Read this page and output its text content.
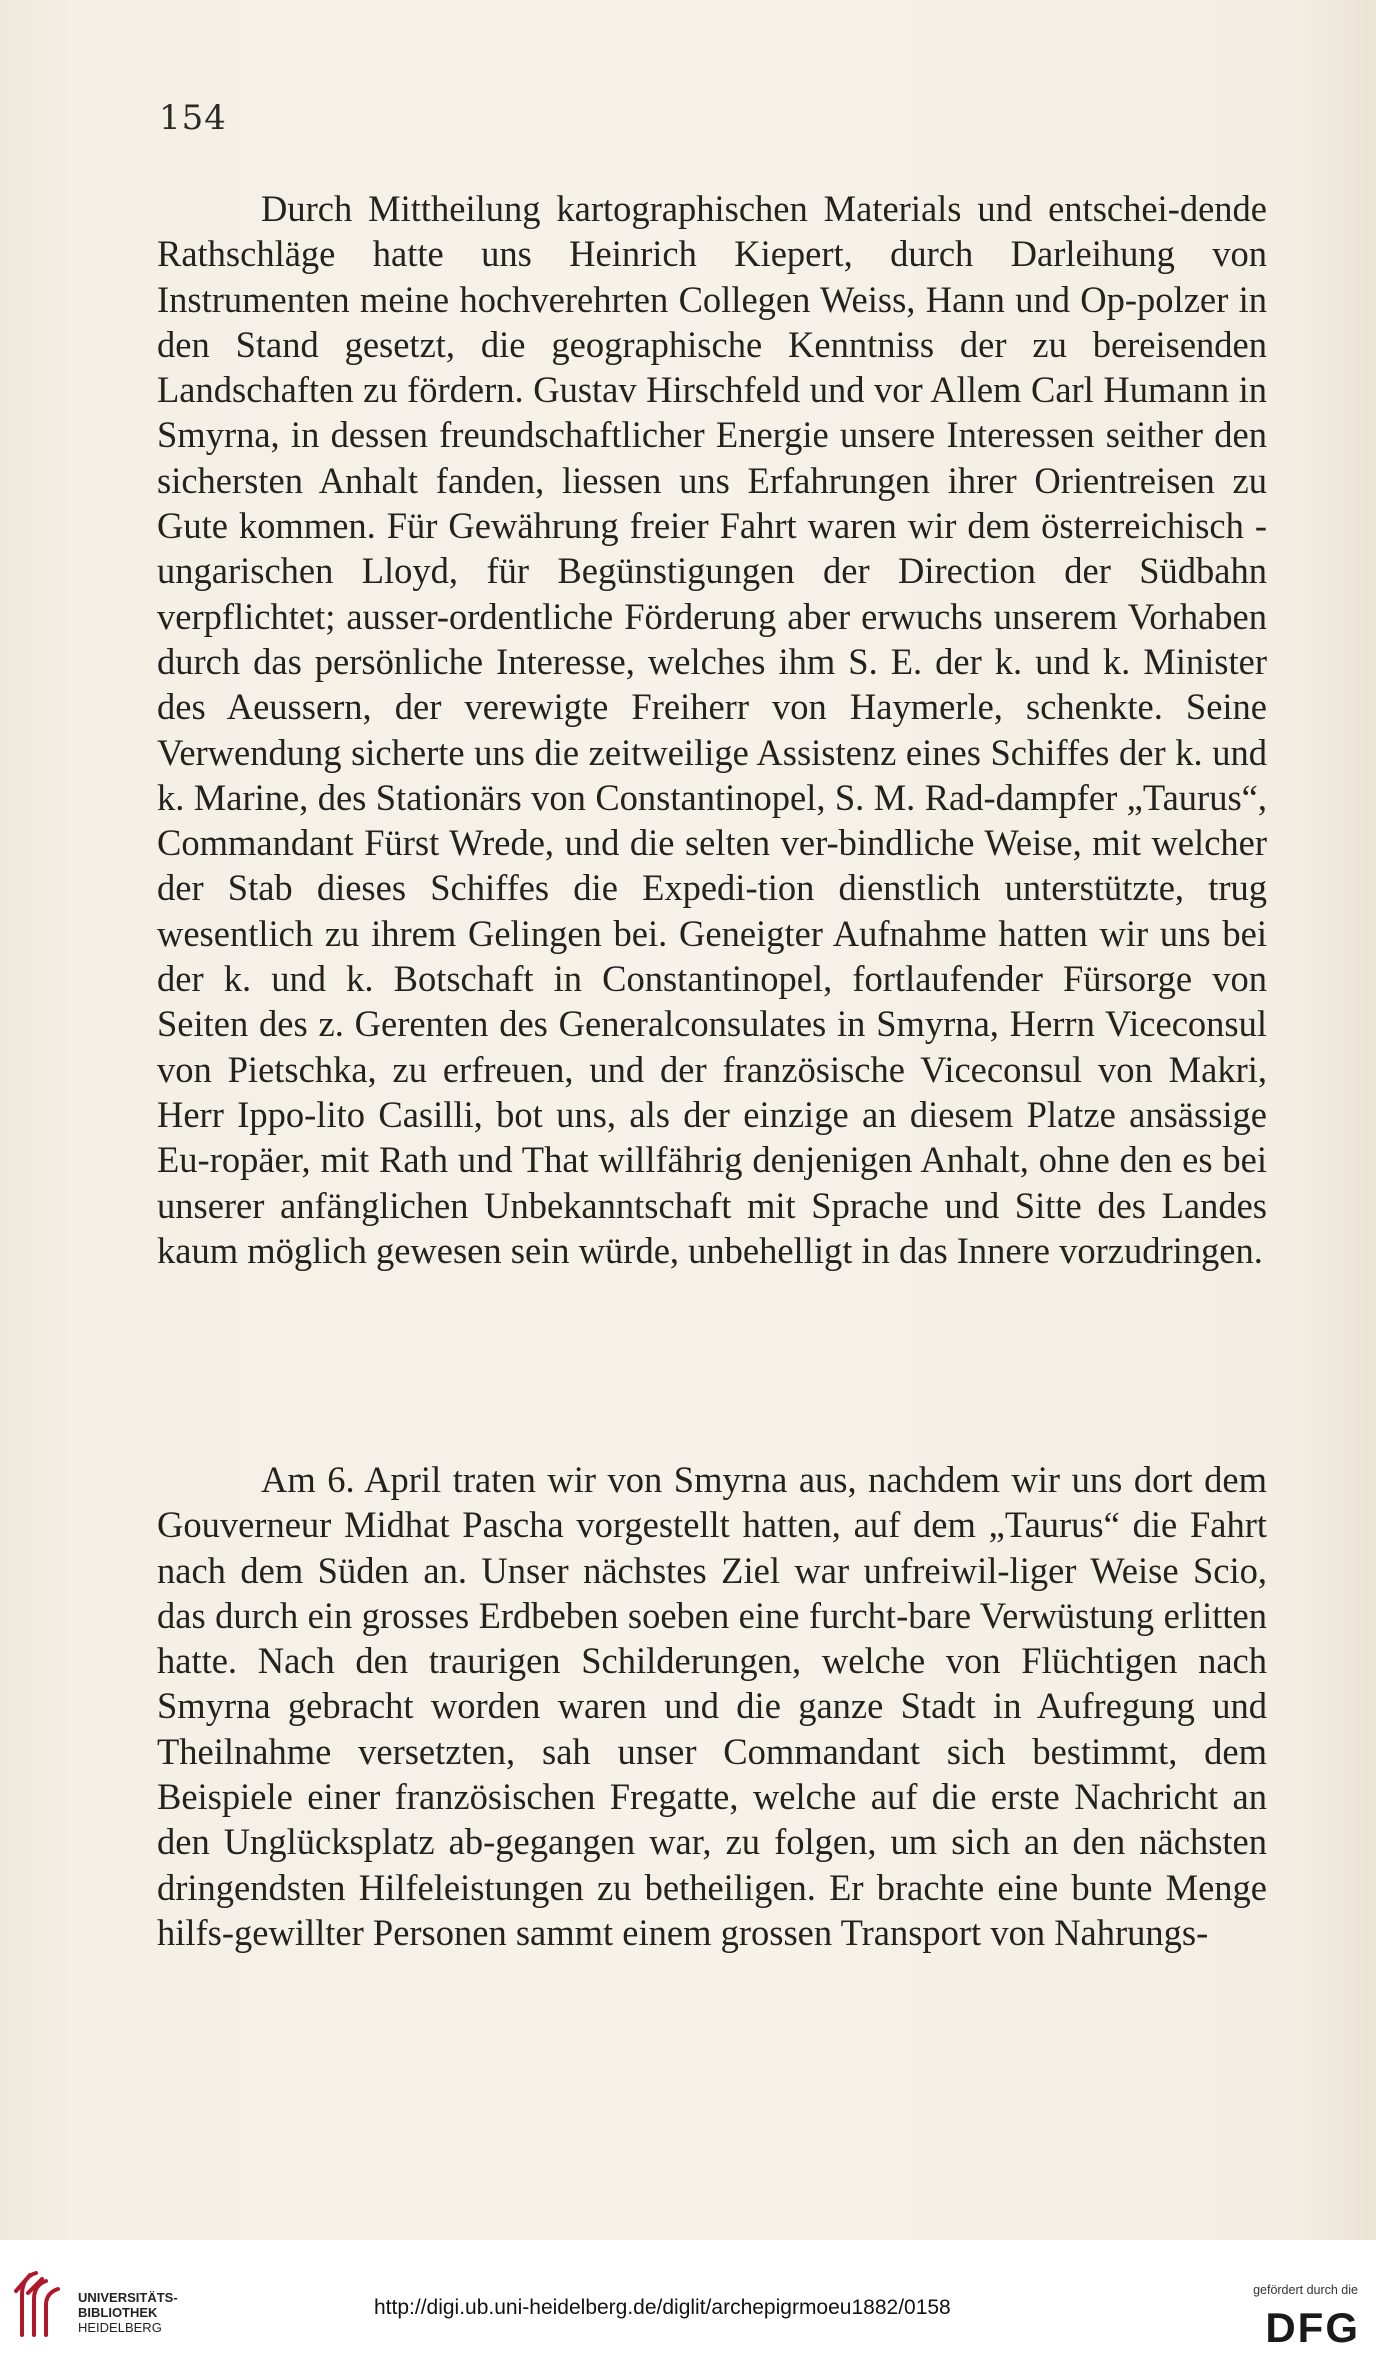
154

Durch Mittheilung kartographischen Materials und entschei-dende Rathschläge hatte uns Heinrich Kiepert, durch Darleihung von Instrumenten meine hochverehrten Collegen Weiss, Hann und Op-polzer in den Stand gesetzt, die geographische Kenntniss der zu bereisenden Landschaften zu fördern. Gustav Hirschfeld und vor Allem Carl Humann in Smyrna, in dessen freundschaftlicher Energie unsere Interessen seither den sichersten Anhalt fanden, liessen uns Erfahrungen ihrer Orientreisen zu Gute kommen. Für Gewährung freier Fahrt waren wir dem österreichisch - ungarischen Lloyd, für Begünstigungen der Direction der Südbahn verpflichtet; ausser-ordentliche Förderung aber erwuchs unserem Vorhaben durch das persönliche Interesse, welches ihm S. E. der k. und k. Minister des Aeussern, der verewigte Freiherr von Haymerle, schenkte. Seine Verwendung sicherte uns die zeitweilige Assistenz eines Schiffes der k. und k. Marine, des Stationärs von Constantinopel, S. M. Rad-dampfer „Taurus“, Commandant Fürst Wrede, und die selten ver-bindliche Weise, mit welcher der Stab dieses Schiffes die Expedi-tion dienstlich unterstützte, trug wesentlich zu ihrem Gelingen bei. Geneigter Aufnahme hatten wir uns bei der k. und k. Botschaft in Constantinopel, fortlaufender Fürsorge von Seiten des z. Gerenten des Generalconsulates in Smyrna, Herrn Viceconsul von Pietschka, zu erfreuen, und der französische Viceconsul von Makri, Herr Ippo-lito Casilli, bot uns, als der einzige an diesem Platze ansässige Eu-ropäer, mit Rath und That willfährig denjenigen Anhalt, ohne den es bei unserer anfänglichen Unbekanntschaft mit Sprache und Sitte des Landes kaum möglich gewesen sein würde, unbehelligt in das Innere vorzudringen.

Am 6. April traten wir von Smyrna aus, nachdem wir uns dort dem Gouverneur Midhat Pascha vorgestellt hatten, auf dem „Taurus“ die Fahrt nach dem Süden an. Unser nächstes Ziel war unfreiwil-liger Weise Scio, das durch ein grosses Erdbeben soeben eine furcht-bare Verwüstung erlitten hatte. Nach den traurigen Schilderungen, welche von Flüchtigen nach Smyrna gebracht worden waren und die ganze Stadt in Aufregung und Theilnahme versetzten, sah unser Commandant sich bestimmt, dem Beispiele einer französischen Fregatte, welche auf die erste Nachricht an den Unglücksplatz ab-gegangen war, zu folgen, um sich an den nächsten dringendsten Hilfeleistungen zu betheiligen. Er brachte eine bunte Menge hilfs-gewillter Personen sammt einem grossen Transport von Nahrungs-

UNIVERSITÄTS-
BIBLIOTHEK
HEIDELBERG
http://digi.ub.uni-heidelberg.de/diglit/archepigrmoeu1882/0158
gefördert durch die
DFG
